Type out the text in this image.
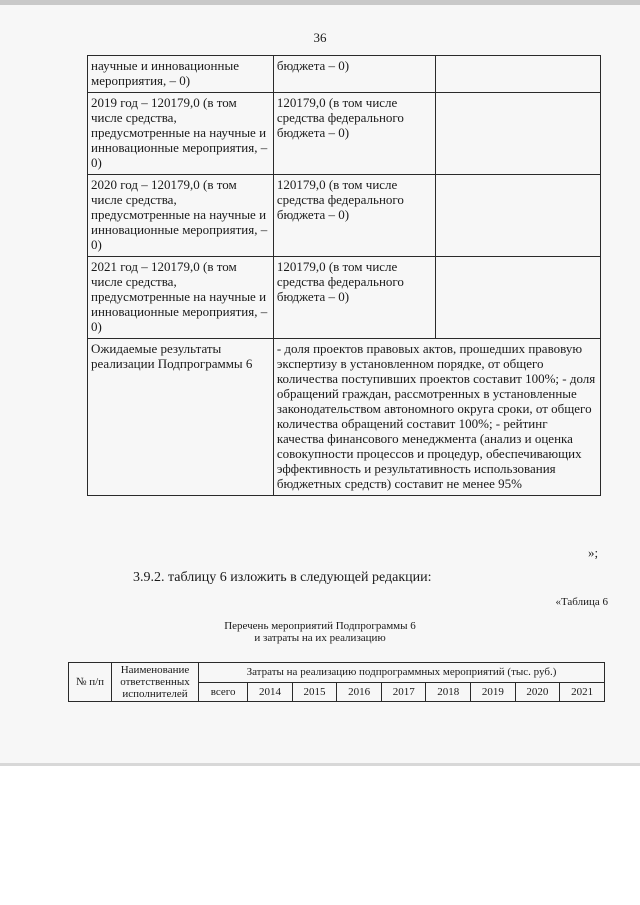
36
научные и инновационные мероприятия, – 0)	бюджета – 0)	
2019 год – 120179,0 (в том числе средства, предусмотренные на научные и инновационные мероприятия, – 0)	120179,0 (в том числе средства федерального бюджета – 0)	
2020 год – 120179,0 (в том числе средства, предусмотренные на научные и инновационные мероприятия, – 0)	120179,0 (в том числе средства федерального бюджета – 0)	
2021 год – 120179,0 (в том числе средства, предусмотренные на научные и инновационные мероприятия, – 0)	120179,0 (в том числе средства федерального бюджета – 0)	
Ожидаемые результаты реализации Подпрограммы 6	- доля проектов правовых актов, прошедших правовую экспертизу в установленном порядке, от общего количества поступивших проектов составит 100%; - доля обращений граждан, рассмотренных в установленные законодательством автономного округа сроки, от общего количества обращений составит 100%; - рейтинг качества финансового менеджмента (анализ и оценка совокупности процессов и процедур, обеспечивающих эффективность и результативность использования бюджетных средств) составит не менее 95%	
»;
3.9.2. таблицу 6 изложить в следующей редакции:
«Таблица 6
Перечень мероприятий Подпрограммы 6
и затраты на их реализацию
№ п/п	Наименование ответственных исполнителей	Затраты на реализацию подпрограммных мероприятий (тыс. руб.)								
		всего	2014	2015	2016	2017	2018	2019	2020	2021
